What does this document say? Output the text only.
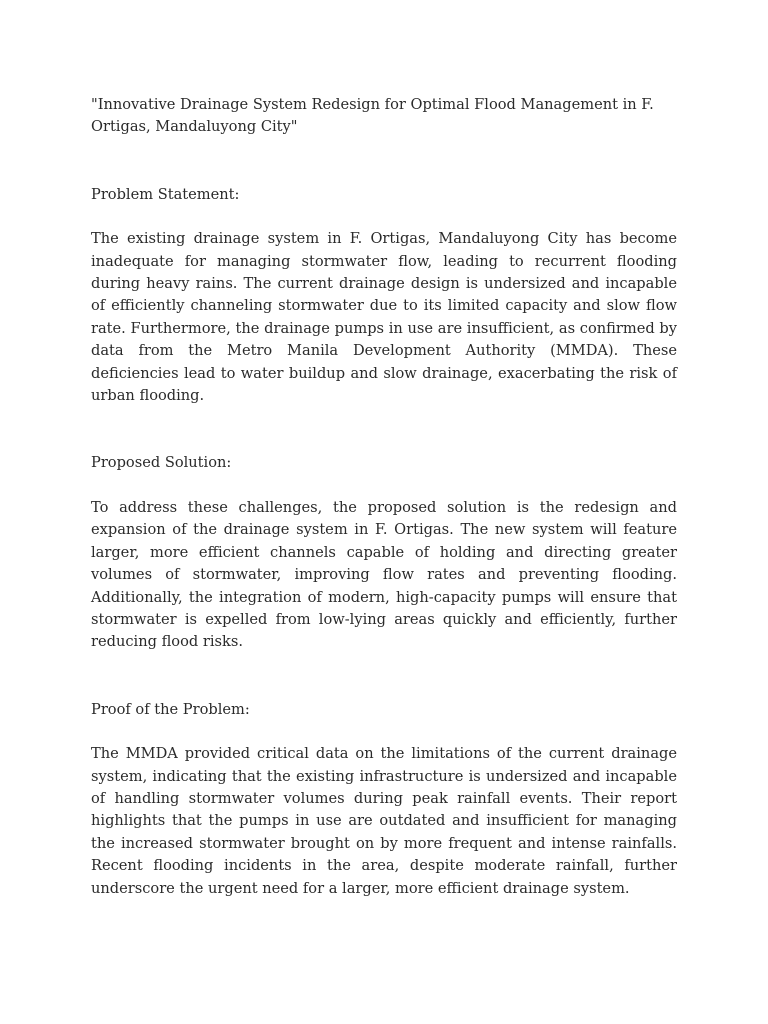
"Innovative Drainage System Redesign for Optimal Flood Management in F. Ortigas, Mandaluyong City"

Problem Statement:

The existing drainage system in F. Ortigas, Mandaluyong City has become inadequate for managing stormwater flow, leading to recurrent flooding during heavy rains. The current drainage design is undersized and incapable of efficiently channeling stormwater due to its limited capacity and slow flow rate. Furthermore, the drainage pumps in use are insufficient, as confirmed by data from the Metro Manila Development Authority (MMDA). These deficiencies lead to water buildup and slow drainage, exacerbating the risk of urban flooding.

Proposed Solution:

To address these challenges, the proposed solution is the redesign and expansion of the drainage system in F. Ortigas. The new system will feature larger, more efficient channels capable of holding and directing greater volumes of stormwater, improving flow rates and preventing flooding. Additionally, the integration of modern, high-capacity pumps will ensure that stormwater is expelled from low-lying areas quickly and efficiently, further reducing flood risks.

Proof of the Problem:

The MMDA provided critical data on the limitations of the current drainage system, indicating that the existing infrastructure is undersized and incapable of handling stormwater volumes during peak rainfall events. Their report highlights that the pumps in use are outdated and insufficient for managing the increased stormwater brought on by more frequent and intense rainfalls. Recent flooding incidents in the area, despite moderate rainfall, further underscore the urgent need for a larger, more efficient drainage system.
